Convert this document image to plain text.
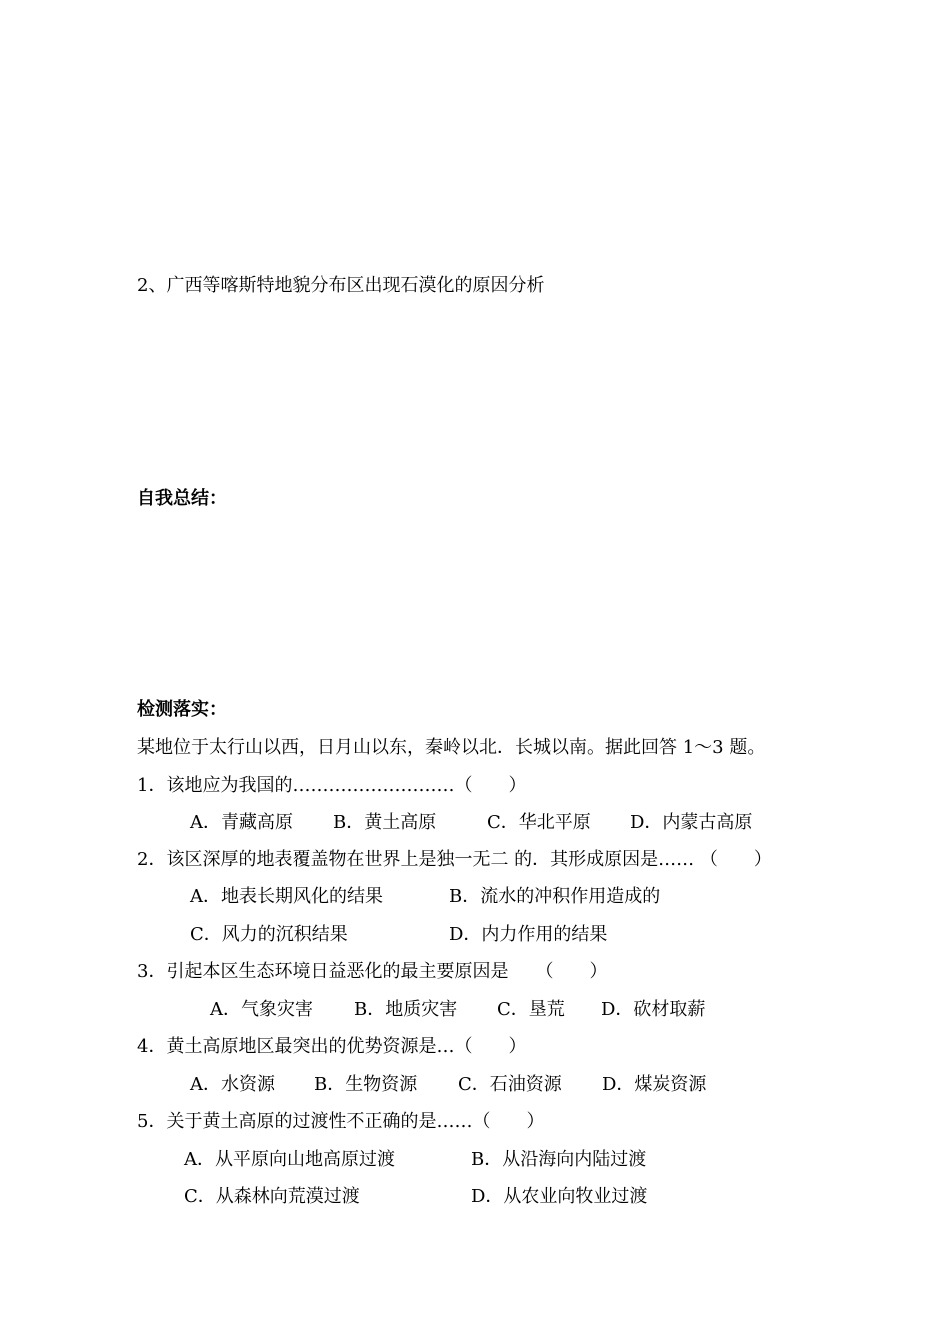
2、广西等喀斯特地貌分布区出现石漠化的原因分析
自我总结：
检测落实：
某地位于太行山以西，日月山以东，秦岭以北．长城以南。据此回答 1～3 题。
1．该地应为我国的………………………（　　）
A．青藏高原 B．黄土高原	C．华北平原 D．内蒙古高原
2．该区深厚的地表覆盖物在世界上是独一无二 的．其形成原因是…… （　　）
A．地表长期风化的结果	B．流水的冲积作用造成的
C．风力的沉积结果	D．内力作用的结果
3．引起本区生态环境日益恶化的最主要原因是　　（　　）
A．气象灾害 B．地质灾害 C．垦荒 D．砍材取薪
4．黄土高原地区最突出的优势资源是…（　　）
A．水资源 B．生物资源 C．石油资源 D．煤炭资源
5．关于黄土高原的过渡性不正确的是……（　　）
A．从平原向山地高原过渡	B．从沿海向内陆过渡
C．从森林向荒漠过渡	D．从农业向牧业过渡
